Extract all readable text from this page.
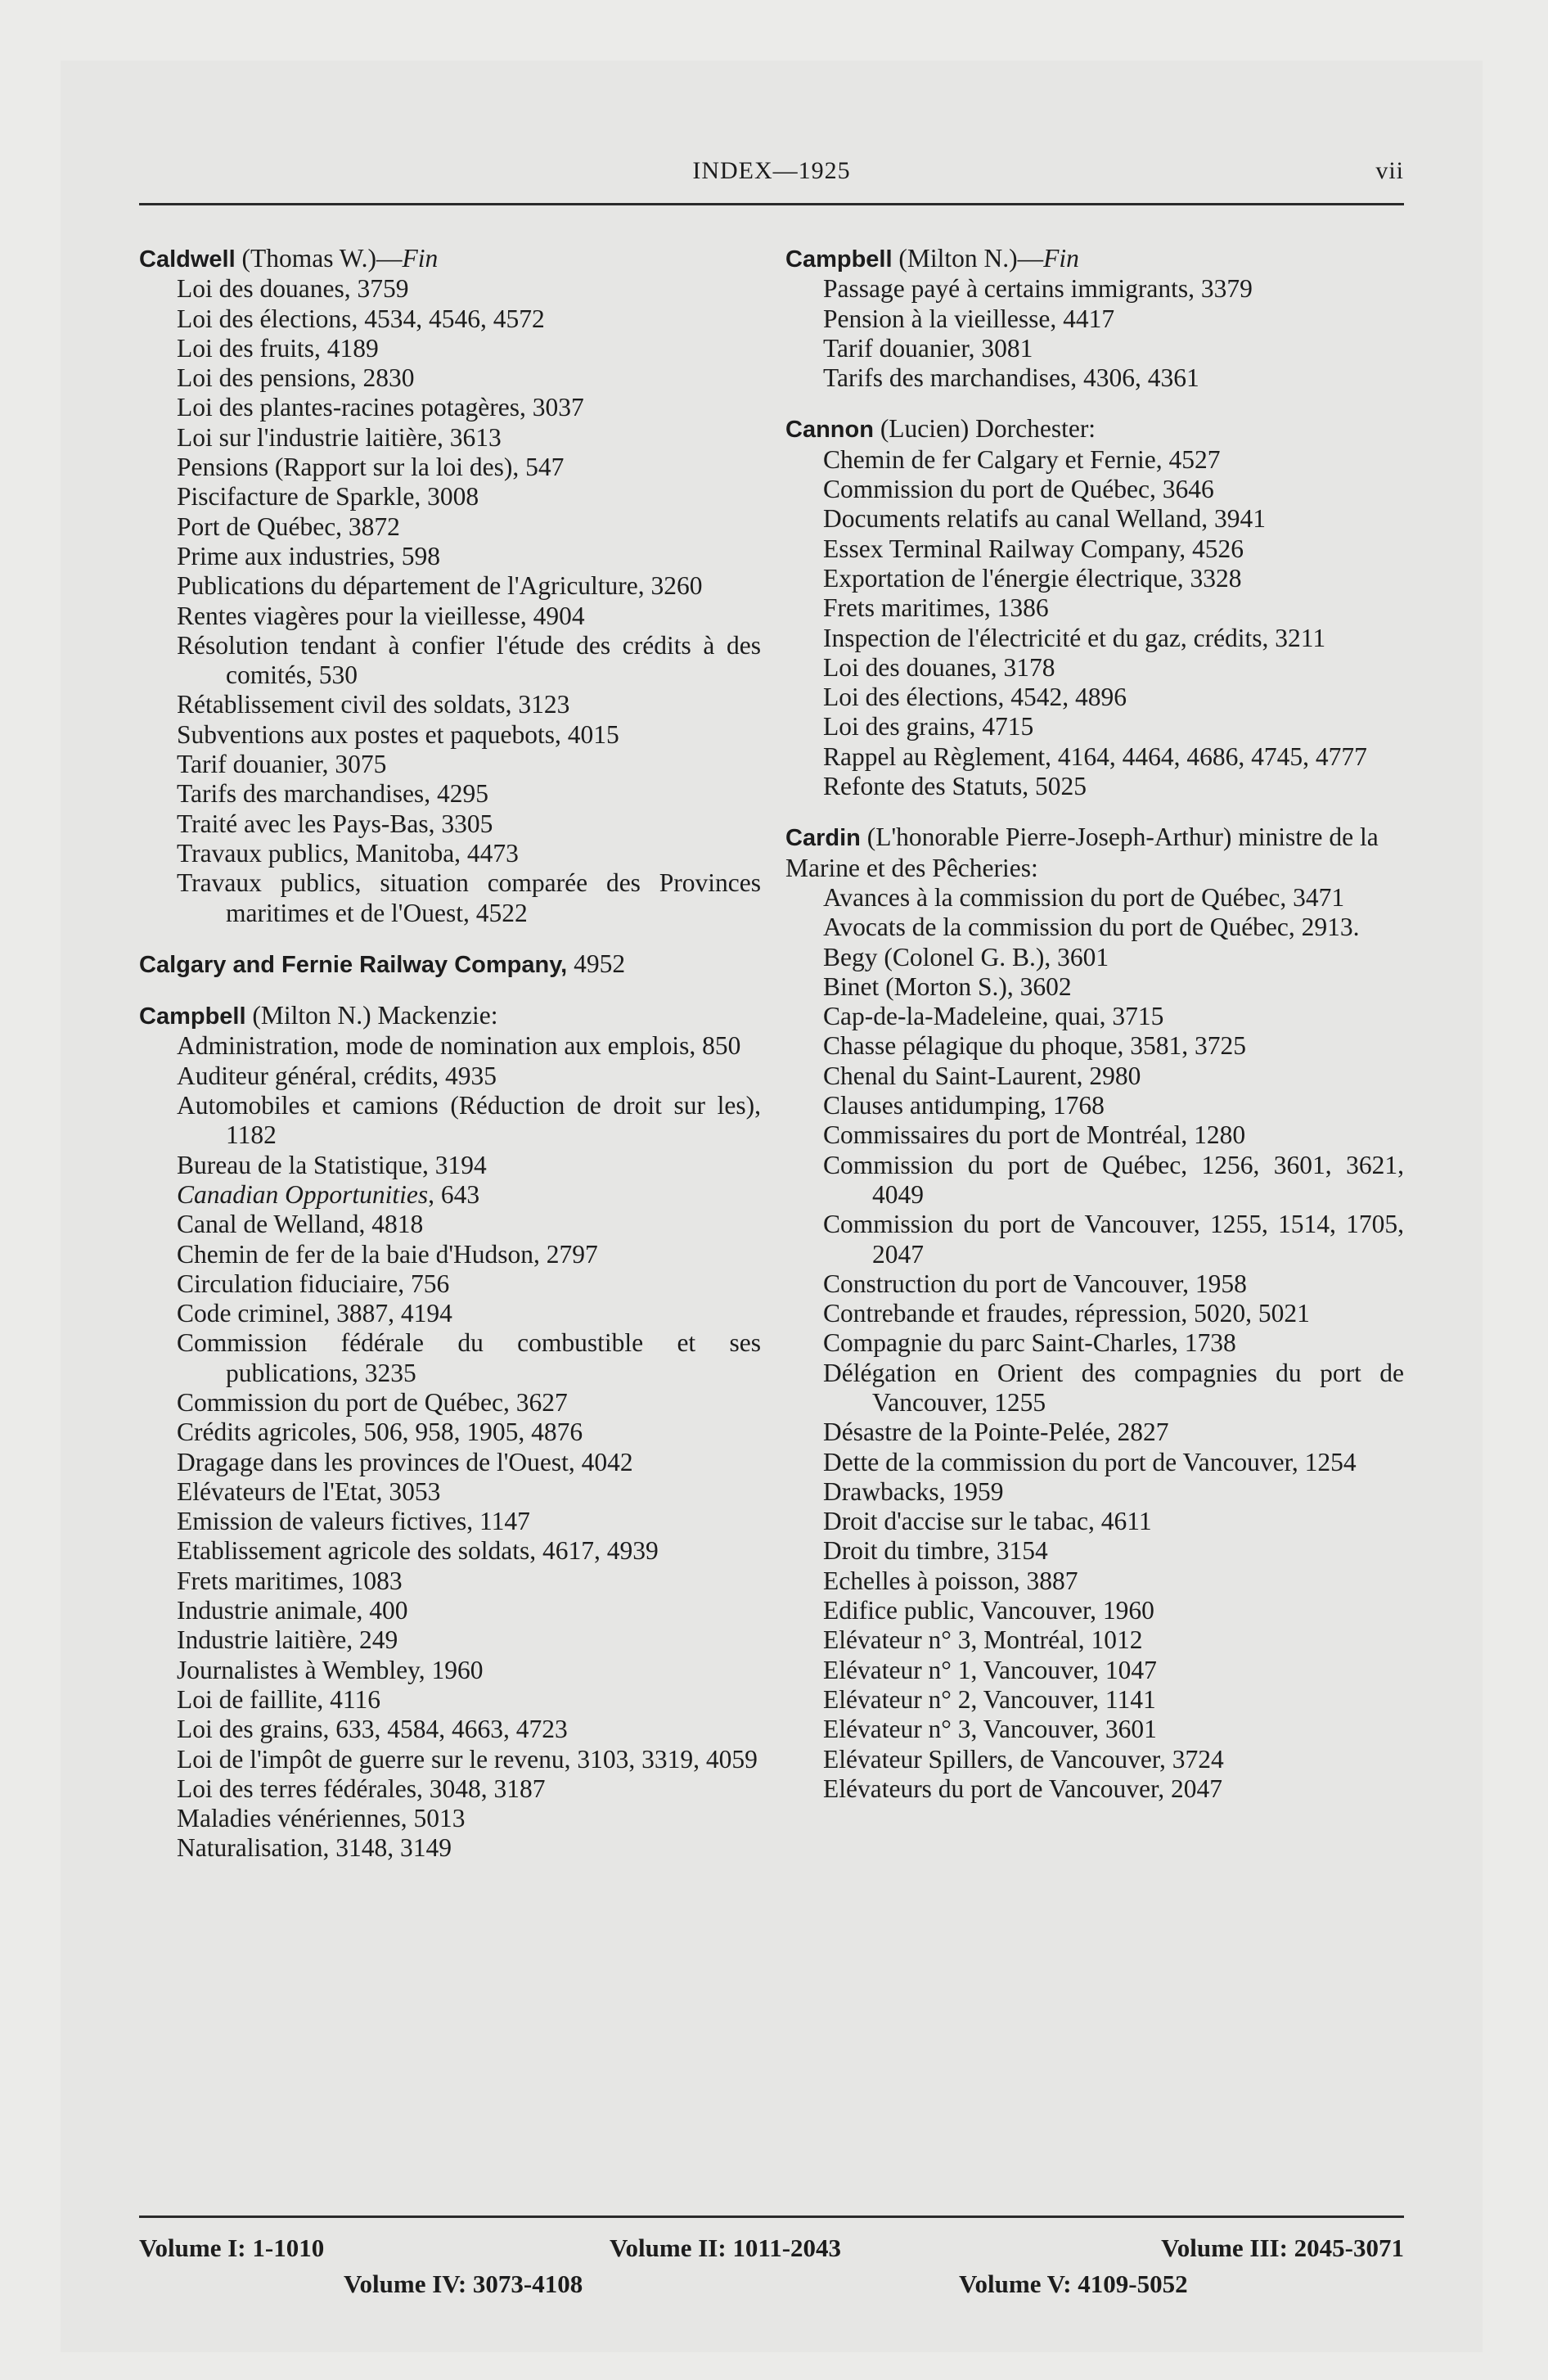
INDEX—1925	vii
Caldwell (Thomas W.)—Fin
Loi des douanes, 3759
Loi des élections, 4534, 4546, 4572
Loi des fruits, 4189
Loi des pensions, 2830
Loi des plantes-racines potagères, 3037
Loi sur l'industrie laitière, 3613
Pensions (Rapport sur la loi des), 547
Piscifacture de Sparkle, 3008
Port de Québec, 3872
Prime aux industries, 598
Publications du département de l'Agriculture, 3260
Rentes viagères pour la vieillesse, 4904
Résolution tendant à confier l'étude des crédits à des comités, 530
Rétablissement civil des soldats, 3123
Subventions aux postes et paquebots, 4015
Tarif douanier, 3075
Tarifs des marchandises, 4295
Traité avec les Pays-Bas, 3305
Travaux publics, Manitoba, 4473
Travaux publics, situation comparée des Provinces maritimes et de l'Ouest, 4522
Calgary and Fernie Railway Company, 4952
Campbell (Milton N.) Mackenzie:
Administration, mode de nomination aux emplois, 850
Auditeur général, crédits, 4935
Automobiles et camions (Réduction de droit sur les), 1182
Bureau de la Statistique, 3194
Canadian Opportunities, 643
Canal de Welland, 4818
Chemin de fer de la baie d'Hudson, 2797
Circulation fiduciaire, 756
Code criminel, 3887, 4194
Commission fédérale du combustible et ses publications, 3235
Commission du port de Québec, 3627
Crédits agricoles, 506, 958, 1905, 4876
Dragage dans les provinces de l'Ouest, 4042
Elévateurs de l'Etat, 3053
Emission de valeurs fictives, 1147
Etablissement agricole des soldats, 4617, 4939
Frets maritimes, 1083
Industrie animale, 400
Industrie laitière, 249
Journalistes à Wembley, 1960
Loi de faillite, 4116
Loi des grains, 633, 4584, 4663, 4723
Loi de l'impôt de guerre sur le revenu, 3103, 3319, 4059
Loi des terres fédérales, 3048, 3187
Maladies vénériennes, 5013
Naturalisation, 3148, 3149
Campbell (Milton N.)—Fin
Passage payé à certains immigrants, 3379
Pension à la vieillesse, 4417
Tarif douanier, 3081
Tarifs des marchandises, 4306, 4361
Cannon (Lucien) Dorchester:
Chemin de fer Calgary et Fernie, 4527
Commission du port de Québec, 3646
Documents relatifs au canal Welland, 3941
Essex Terminal Railway Company, 4526
Exportation de l'énergie électrique, 3328
Frets maritimes, 1386
Inspection de l'électricité et du gaz, crédits, 3211
Loi des douanes, 3178
Loi des élections, 4542, 4896
Loi des grains, 4715
Rappel au Règlement, 4164, 4464, 4686, 4745, 4777
Refonte des Statuts, 5025
Cardin (L'honorable Pierre-Joseph-Arthur) ministre de la Marine et des Pêcheries:
Avances à la commission du port de Québec, 3471
Avocats de la commission du port de Québec, 2913.
Begy (Colonel G. B.), 3601
Binet (Morton S.), 3602
Cap-de-la-Madeleine, quai, 3715
Chasse pélagique du phoque, 3581, 3725
Chenal du Saint-Laurent, 2980
Clauses antidumping, 1768
Commissaires du port de Montréal, 1280
Commission du port de Québec, 1256, 3601, 3621, 4049
Commission du port de Vancouver, 1255, 1514, 1705, 2047
Construction du port de Vancouver, 1958
Contrebande et fraudes, répression, 5020, 5021
Compagnie du parc Saint-Charles, 1738
Délégation en Orient des compagnies du port de Vancouver, 1255
Désastre de la Pointe-Pelée, 2827
Dette de la commission du port de Vancouver, 1254
Drawbacks, 1959
Droit d'accise sur le tabac, 4611
Droit du timbre, 3154
Echelles à poisson, 3887
Edifice public, Vancouver, 1960
Elévateur n° 3, Montréal, 1012
Elévateur n° 1, Vancouver, 1047
Elévateur n° 2, Vancouver, 1141
Elévateur n° 3, Vancouver, 3601
Elévateur Spillers, de Vancouver, 3724
Elévateurs du port de Vancouver, 2047
Volume I: 1-1010	Volume II: 1011-2043	Volume III: 2045-3071
Volume IV: 3073-4108	Volume V: 4109-5052
